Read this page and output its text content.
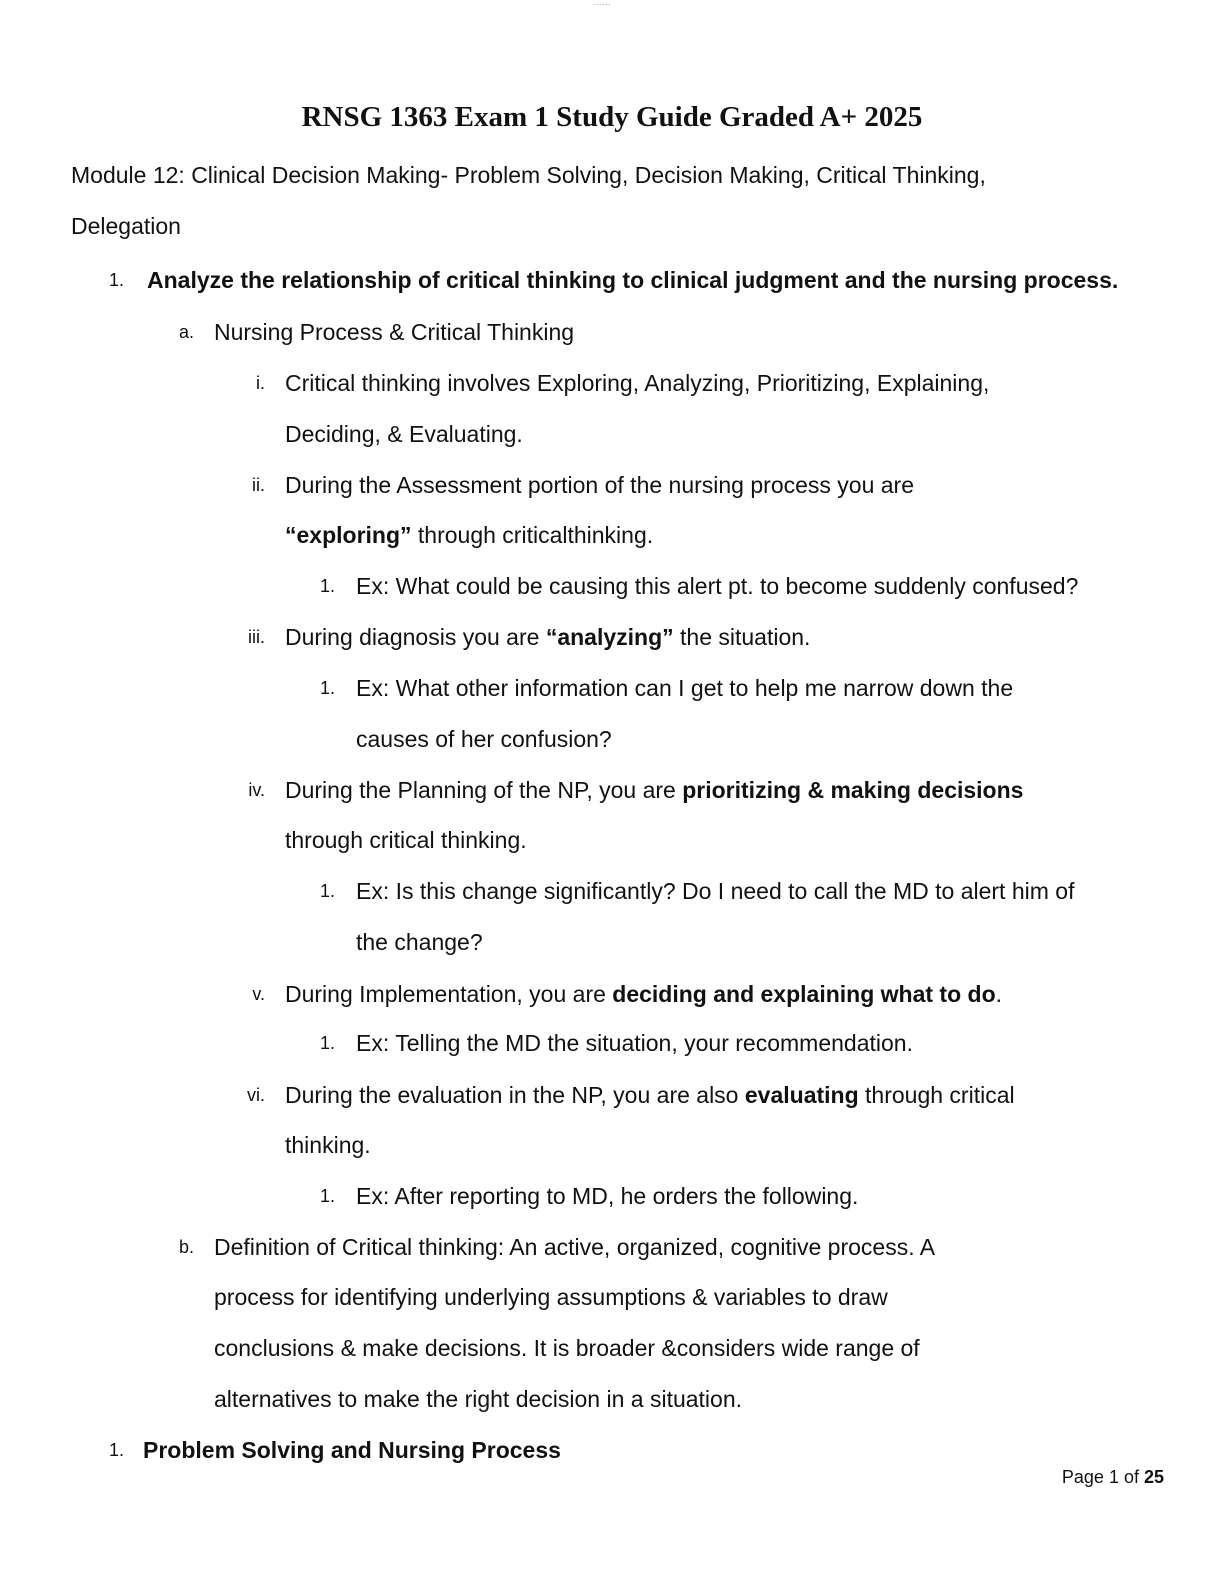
......
RNSG 1363 Exam 1 Study Guide Graded A+ 2025
Module 12: Clinical Decision Making- Problem Solving, Decision Making, Critical Thinking,
Delegation
1. Analyze the relationship of critical thinking to clinical judgment and the nursing process.
a. Nursing Process & Critical Thinking
i. Critical thinking involves Exploring, Analyzing, Prioritizing, Explaining,
Deciding, & Evaluating.
ii. During the Assessment portion of the nursing process you are
“exploring” through criticalthinking.
1. Ex: What could be causing this alert pt. to become suddenly confused?
iii. During diagnosis you are “analyzing” the situation.
1. Ex: What other information can I get to help me narrow down the
causes of her confusion?
iv. During the Planning of the NP, you are prioritizing & making decisions
through critical thinking.
1. Ex: Is this change significantly? Do I need to call the MD to alert him of
the change?
v. During Implementation, you are deciding and explaining what to do.
1. Ex: Telling the MD the situation, your recommendation.
vi. During the evaluation in the NP, you are also evaluating through critical
thinking.
1. Ex: After reporting to MD, he orders the following.
b. Definition of Critical thinking: An active, organized, cognitive process. A
process for identifying underlying assumptions & variables to draw
conclusions & make decisions. It is broader &considers wide range of
alternatives to make the right decision in a situation.
1. Problem Solving and Nursing Process
Page 1 of 25
